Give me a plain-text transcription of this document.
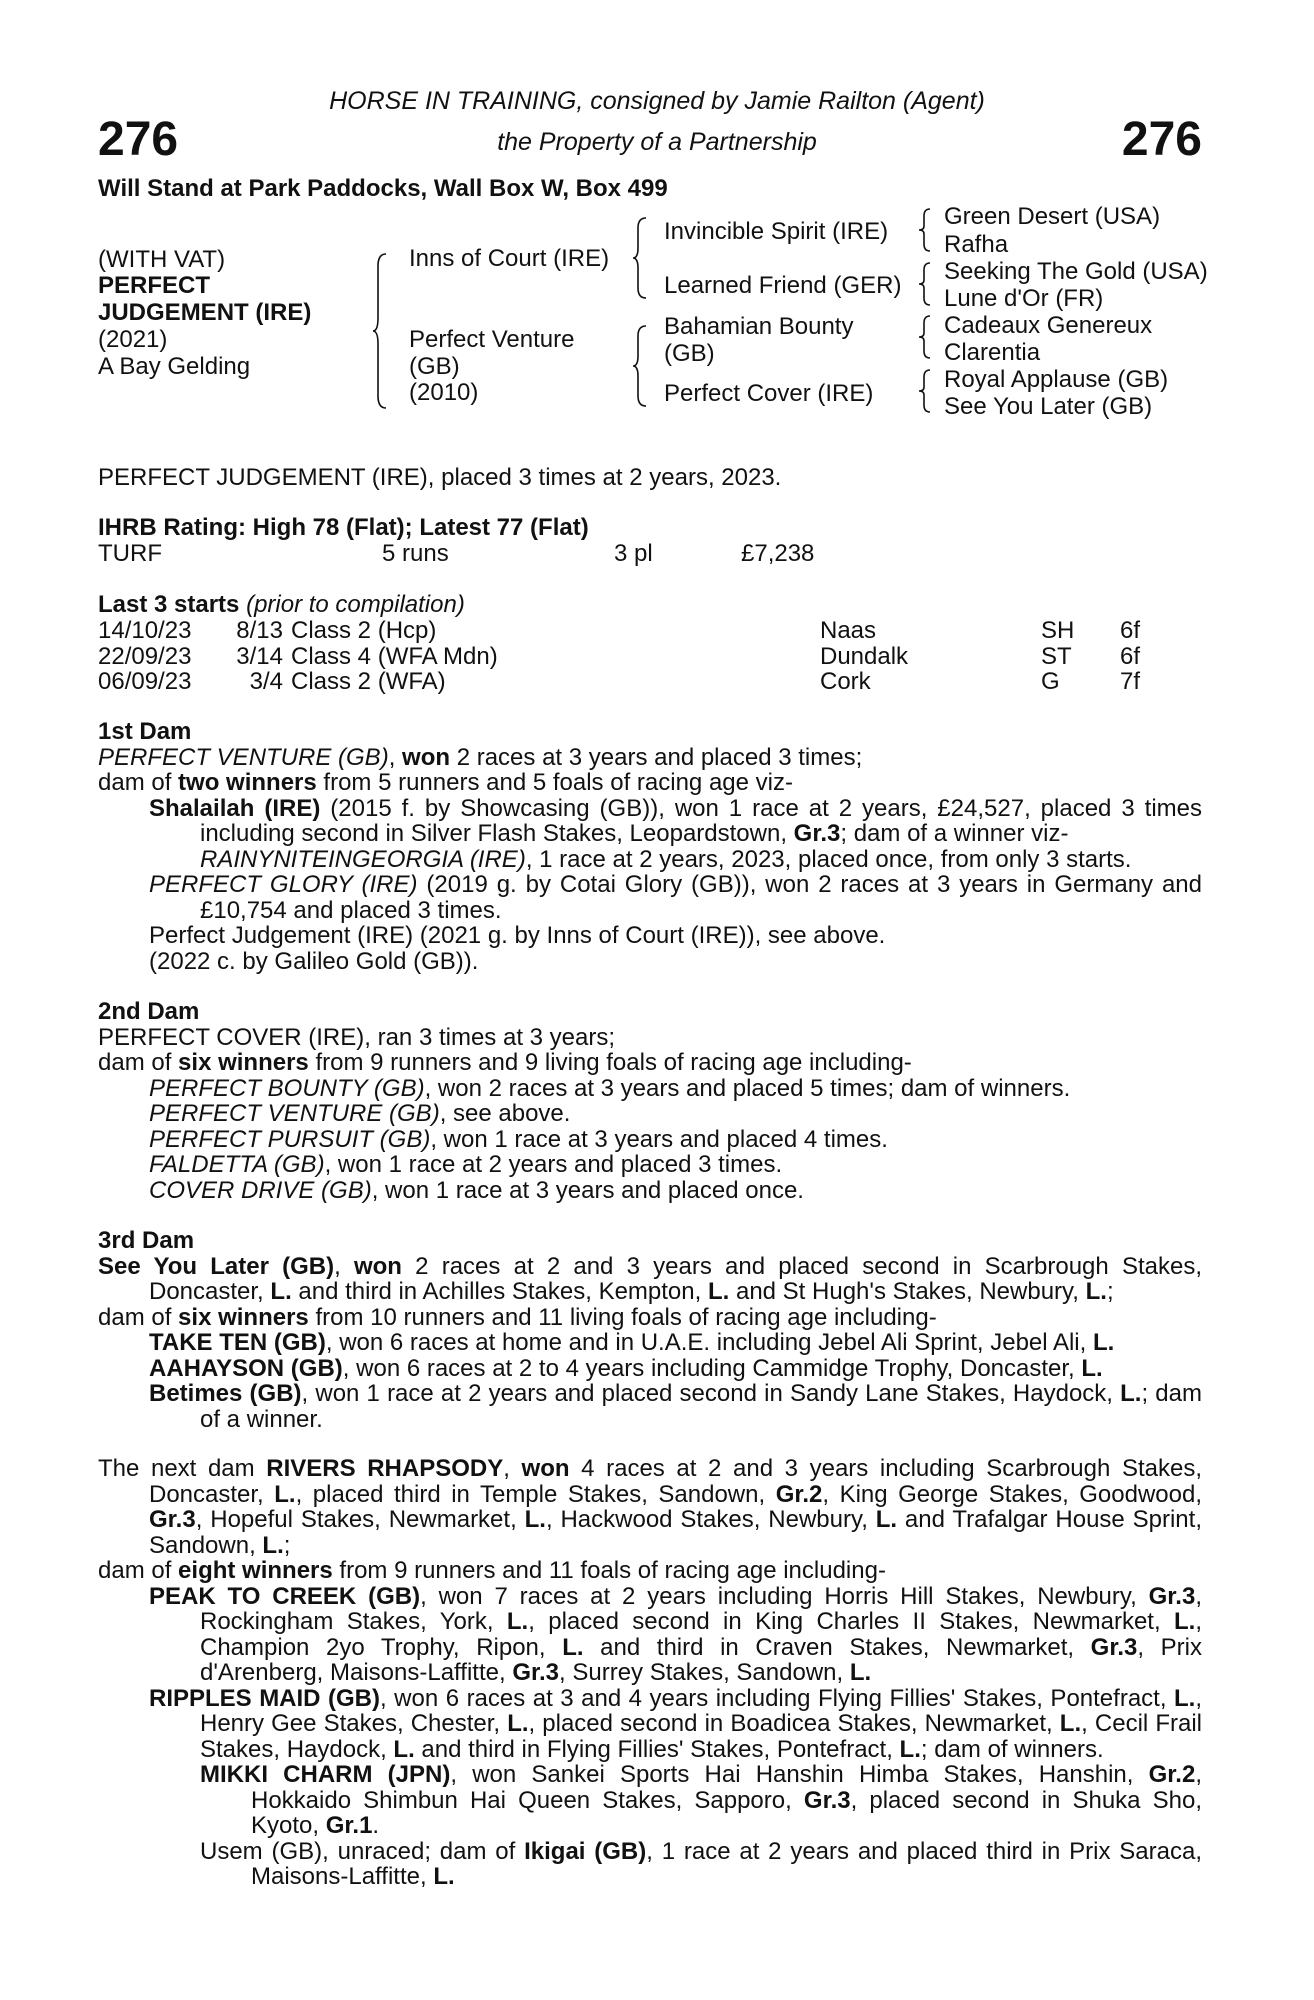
276	276
HORSE IN TRAINING, consigned by Jamie Railton (Agent)
the Property of a Partnership
Will Stand at Park Paddocks, Wall Box W, Box 499
(WITH VAT)
PERFECT
JUDGEMENT (IRE)
(2021)
A Bay Gelding
Inns of Court (IRE)
Perfect Venture
(GB)
(2010)
Invincible Spirit (IRE)
Learned Friend (GER)
Bahamian Bounty
(GB)
Perfect Cover (IRE)
Green Desert (USA)
Rafha
Seeking The Gold (USA)
Lune d'Or (FR)
Cadeaux Genereux
Clarentia
Royal Applause (GB)
See You Later (GB)
PERFECT JUDGEMENT (IRE), placed 3 times at 2 years, 2023.
IHRB Rating: High 78 (Flat); Latest 77 (Flat)
TURF	5 runs	3 pl	£7,238
Last 3 starts (prior to compilation)
14/10/23	8/13 Class 2 (Hcp)	Naas	SH 6f
22/09/23	3/14 Class 4 (WFA Mdn)	Dundalk	ST 6f
06/09/23	3/4 Class 2 (WFA)	Cork	G	7f
1st Dam
PERFECT VENTURE (GB), won 2 races at 3 years and placed 3 times;
dam of two winners from 5 runners and 5 foals of racing age viz-
Shalailah (IRE) (2015 f. by Showcasing (GB)), won 1 race at 2 years, £24,527, placed 3 times including second in Silver Flash Stakes, Leopardstown, Gr.3; dam of a winner viz-
RAINYNITEINGEORGIA (IRE), 1 race at 2 years, 2023, placed once, from only 3 starts.
PERFECT GLORY (IRE) (2019 g. by Cotai Glory (GB)), won 2 races at 3 years in Germany and £10,754 and placed 3 times.
Perfect Judgement (IRE) (2021 g. by Inns of Court (IRE)), see above.
(2022 c. by Galileo Gold (GB)).
2nd Dam
PERFECT COVER (IRE), ran 3 times at 3 years;
dam of six winners from 9 runners and 9 living foals of racing age including-
PERFECT BOUNTY (GB), won 2 races at 3 years and placed 5 times; dam of winners.
PERFECT VENTURE (GB), see above.
PERFECT PURSUIT (GB), won 1 race at 3 years and placed 4 times.
FALDETTA (GB), won 1 race at 2 years and placed 3 times.
COVER DRIVE (GB), won 1 race at 3 years and placed once.
3rd Dam
See You Later (GB), won 2 races at 2 and 3 years and placed second in Scarbrough Stakes, Doncaster, L. and third in Achilles Stakes, Kempton, L. and St Hugh's Stakes, Newbury, L.;
dam of six winners from 10 runners and 11 living foals of racing age including-
TAKE TEN (GB), won 6 races at home and in U.A.E. including Jebel Ali Sprint, Jebel Ali, L.
AAHAYSON (GB), won 6 races at 2 to 4 years including Cammidge Trophy, Doncaster, L.
Betimes (GB), won 1 race at 2 years and placed second in Sandy Lane Stakes, Haydock, L.; dam of a winner.
The next dam RIVERS RHAPSODY, won 4 races at 2 and 3 years including Scarbrough Stakes, Doncaster, L., placed third in Temple Stakes, Sandown, Gr.2, King George Stakes, Goodwood, Gr.3, Hopeful Stakes, Newmarket, L., Hackwood Stakes, Newbury, L. and Trafalgar House Sprint, Sandown, L.;
dam of eight winners from 9 runners and 11 foals of racing age including-
PEAK TO CREEK (GB), won 7 races at 2 years including Horris Hill Stakes, Newbury, Gr.3, Rockingham Stakes, York, L., placed second in King Charles II Stakes, Newmarket, L., Champion 2yo Trophy, Ripon, L. and third in Craven Stakes, Newmarket, Gr.3, Prix d'Arenberg, Maisons-Laffitte, Gr.3, Surrey Stakes, Sandown, L.
RIPPLES MAID (GB), won 6 races at 3 and 4 years including Flying Fillies' Stakes, Pontefract, L., Henry Gee Stakes, Chester, L., placed second in Boadicea Stakes, Newmarket, L., Cecil Frail Stakes, Haydock, L. and third in Flying Fillies' Stakes, Pontefract, L.; dam of winners.
MIKKI CHARM (JPN), won Sankei Sports Hai Hanshin Himba Stakes, Hanshin, Gr.2, Hokkaido Shimbun Hai Queen Stakes, Sapporo, Gr.3, placed second in Shuka Sho, Kyoto, Gr.1.
Usem (GB), unraced; dam of Ikigai (GB), 1 race at 2 years and placed third in Prix Saraca, Maisons-Laffitte, L.
